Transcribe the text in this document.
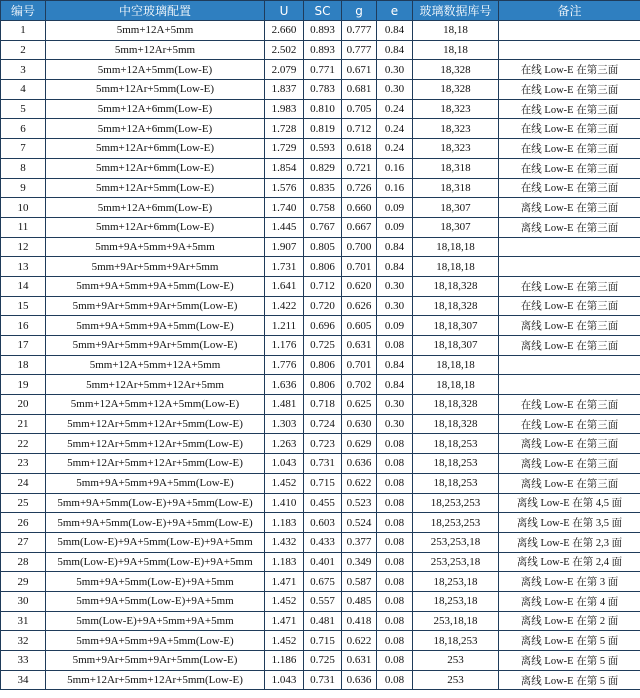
编号	中空玻璃配置	U	SC	g	e	玻璃数据库号	备注
1	5mm+12A+5mm	2.660	0.893	0.777	0.84	18,18	
2	5mm+12Ar+5mm	2.502	0.893	0.777	0.84	18,18	
3	5mm+12A+5mm(Low-E)	2.079	0.771	0.671	0.30	18,328	在线 Low-E 在第三面
4	5mm+12Ar+5mm(Low-E)	1.837	0.783	0.681	0.30	18,328	在线 Low-E 在第三面
5	5mm+12A+6mm(Low-E)	1.983	0.810	0.705	0.24	18,323	在线 Low-E 在第三面
6	5mm+12A+6mm(Low-E)	1.728	0.819	0.712	0.24	18,323	在线 Low-E 在第三面
7	5mm+12Ar+6mm(Low-E)	1.729	0.593	0.618	0.24	18,323	在线 Low-E 在第三面
8	5mm+12Ar+6mm(Low-E)	1.854	0.829	0.721	0.16	18,318	在线 Low-E 在第三面
9	5mm+12Ar+5mm(Low-E)	1.576	0.835	0.726	0.16	18,318	在线 Low-E 在第三面
10	5mm+12A+6mm(Low-E)	1.740	0.758	0.660	0.09	18,307	离线 Low-E 在第三面
11	5mm+12Ar+6mm(Low-E)	1.445	0.767	0.667	0.09	18,307	离线 Low-E 在第三面
12	5mm+9A+5mm+9A+5mm	1.907	0.805	0.700	0.84	18,18,18	
13	5mm+9Ar+5mm+9Ar+5mm	1.731	0.806	0.701	0.84	18,18,18	
14	5mm+9A+5mm+9A+5mm(Low-E)	1.641	0.712	0.620	0.30	18,18,328	在线 Low-E 在第三面
15	5mm+9Ar+5mm+9Ar+5mm(Low-E)	1.422	0.720	0.626	0.30	18,18,328	在线 Low-E 在第三面
16	5mm+9A+5mm+9A+5mm(Low-E)	1.211	0.696	0.605	0.09	18,18,307	离线 Low-E 在第三面
17	5mm+9Ar+5mm+9Ar+5mm(Low-E)	1.176	0.725	0.631	0.08	18,18,307	离线 Low-E 在第三面
18	5mm+12A+5mm+12A+5mm	1.776	0.806	0.701	0.84	18,18,18	
19	5mm+12Ar+5mm+12Ar+5mm	1.636	0.806	0.702	0.84	18,18,18	
20	5mm+12A+5mm+12A+5mm(Low-E)	1.481	0.718	0.625	0.30	18,18,328	在线 Low-E 在第三面
21	5mm+12Ar+5mm+12Ar+5mm(Low-E)	1.303	0.724	0.630	0.30	18,18,328	在线 Low-E 在第三面
22	5mm+12Ar+5mm+12Ar+5mm(Low-E)	1.263	0.723	0.629	0.08	18,18,253	离线 Low-E 在第三面
23	5mm+12Ar+5mm+12Ar+5mm(Low-E)	1.043	0.731	0.636	0.08	18,18,253	离线 Low-E 在第三面
24	5mm+9A+5mm+9A+5mm(Low-E)	1.452	0.715	0.622	0.08	18,18,253	离线 Low-E 在第三面
25	5mm+9A+5mm(Low-E)+9A+5mm(Low-E)	1.410	0.455	0.523	0.08	18,253,253	离线 Low-E 在第 4,5 面
26	5mm+9A+5mm(Low-E)+9A+5mm(Low-E)	1.183	0.603	0.524	0.08	18,253,253	离线 Low-E 在第 3,5 面
27	5mm(Low-E)+9A+5mm(Low-E)+9A+5mm	1.432	0.433	0.377	0.08	253,253,18	离线 Low-E 在第 2,3 面
28	5mm(Low-E)+9A+5mm(Low-E)+9A+5mm	1.183	0.401	0.349	0.08	253,253,18	离线 Low-E 在第 2,4 面
29	5mm+9A+5mm(Low-E)+9A+5mm	1.471	0.675	0.587	0.08	18,253,18	离线 Low-E 在第 3 面
30	5mm+9A+5mm(Low-E)+9A+5mm	1.452	0.557	0.485	0.08	18,253,18	离线 Low-E 在第 4 面
31	5mm(Low-E)+9A+5mm+9A+5mm	1.471	0.481	0.418	0.08	253,18,18	离线 Low-E 在第 2 面
32	5mm+9A+5mm+9A+5mm(Low-E)	1.452	0.715	0.622	0.08	18,18,253	离线 Low-E 在第 5 面
33	5mm+9Ar+5mm+9Ar+5mm(Low-E)	1.186	0.725	0.631	0.08	253	离线 Low-E 在第 5 面
34	5mm+12Ar+5mm+12Ar+5mm(Low-E)	1.043	0.731	0.636	0.08	253	离线 Low-E 在第 5 面
